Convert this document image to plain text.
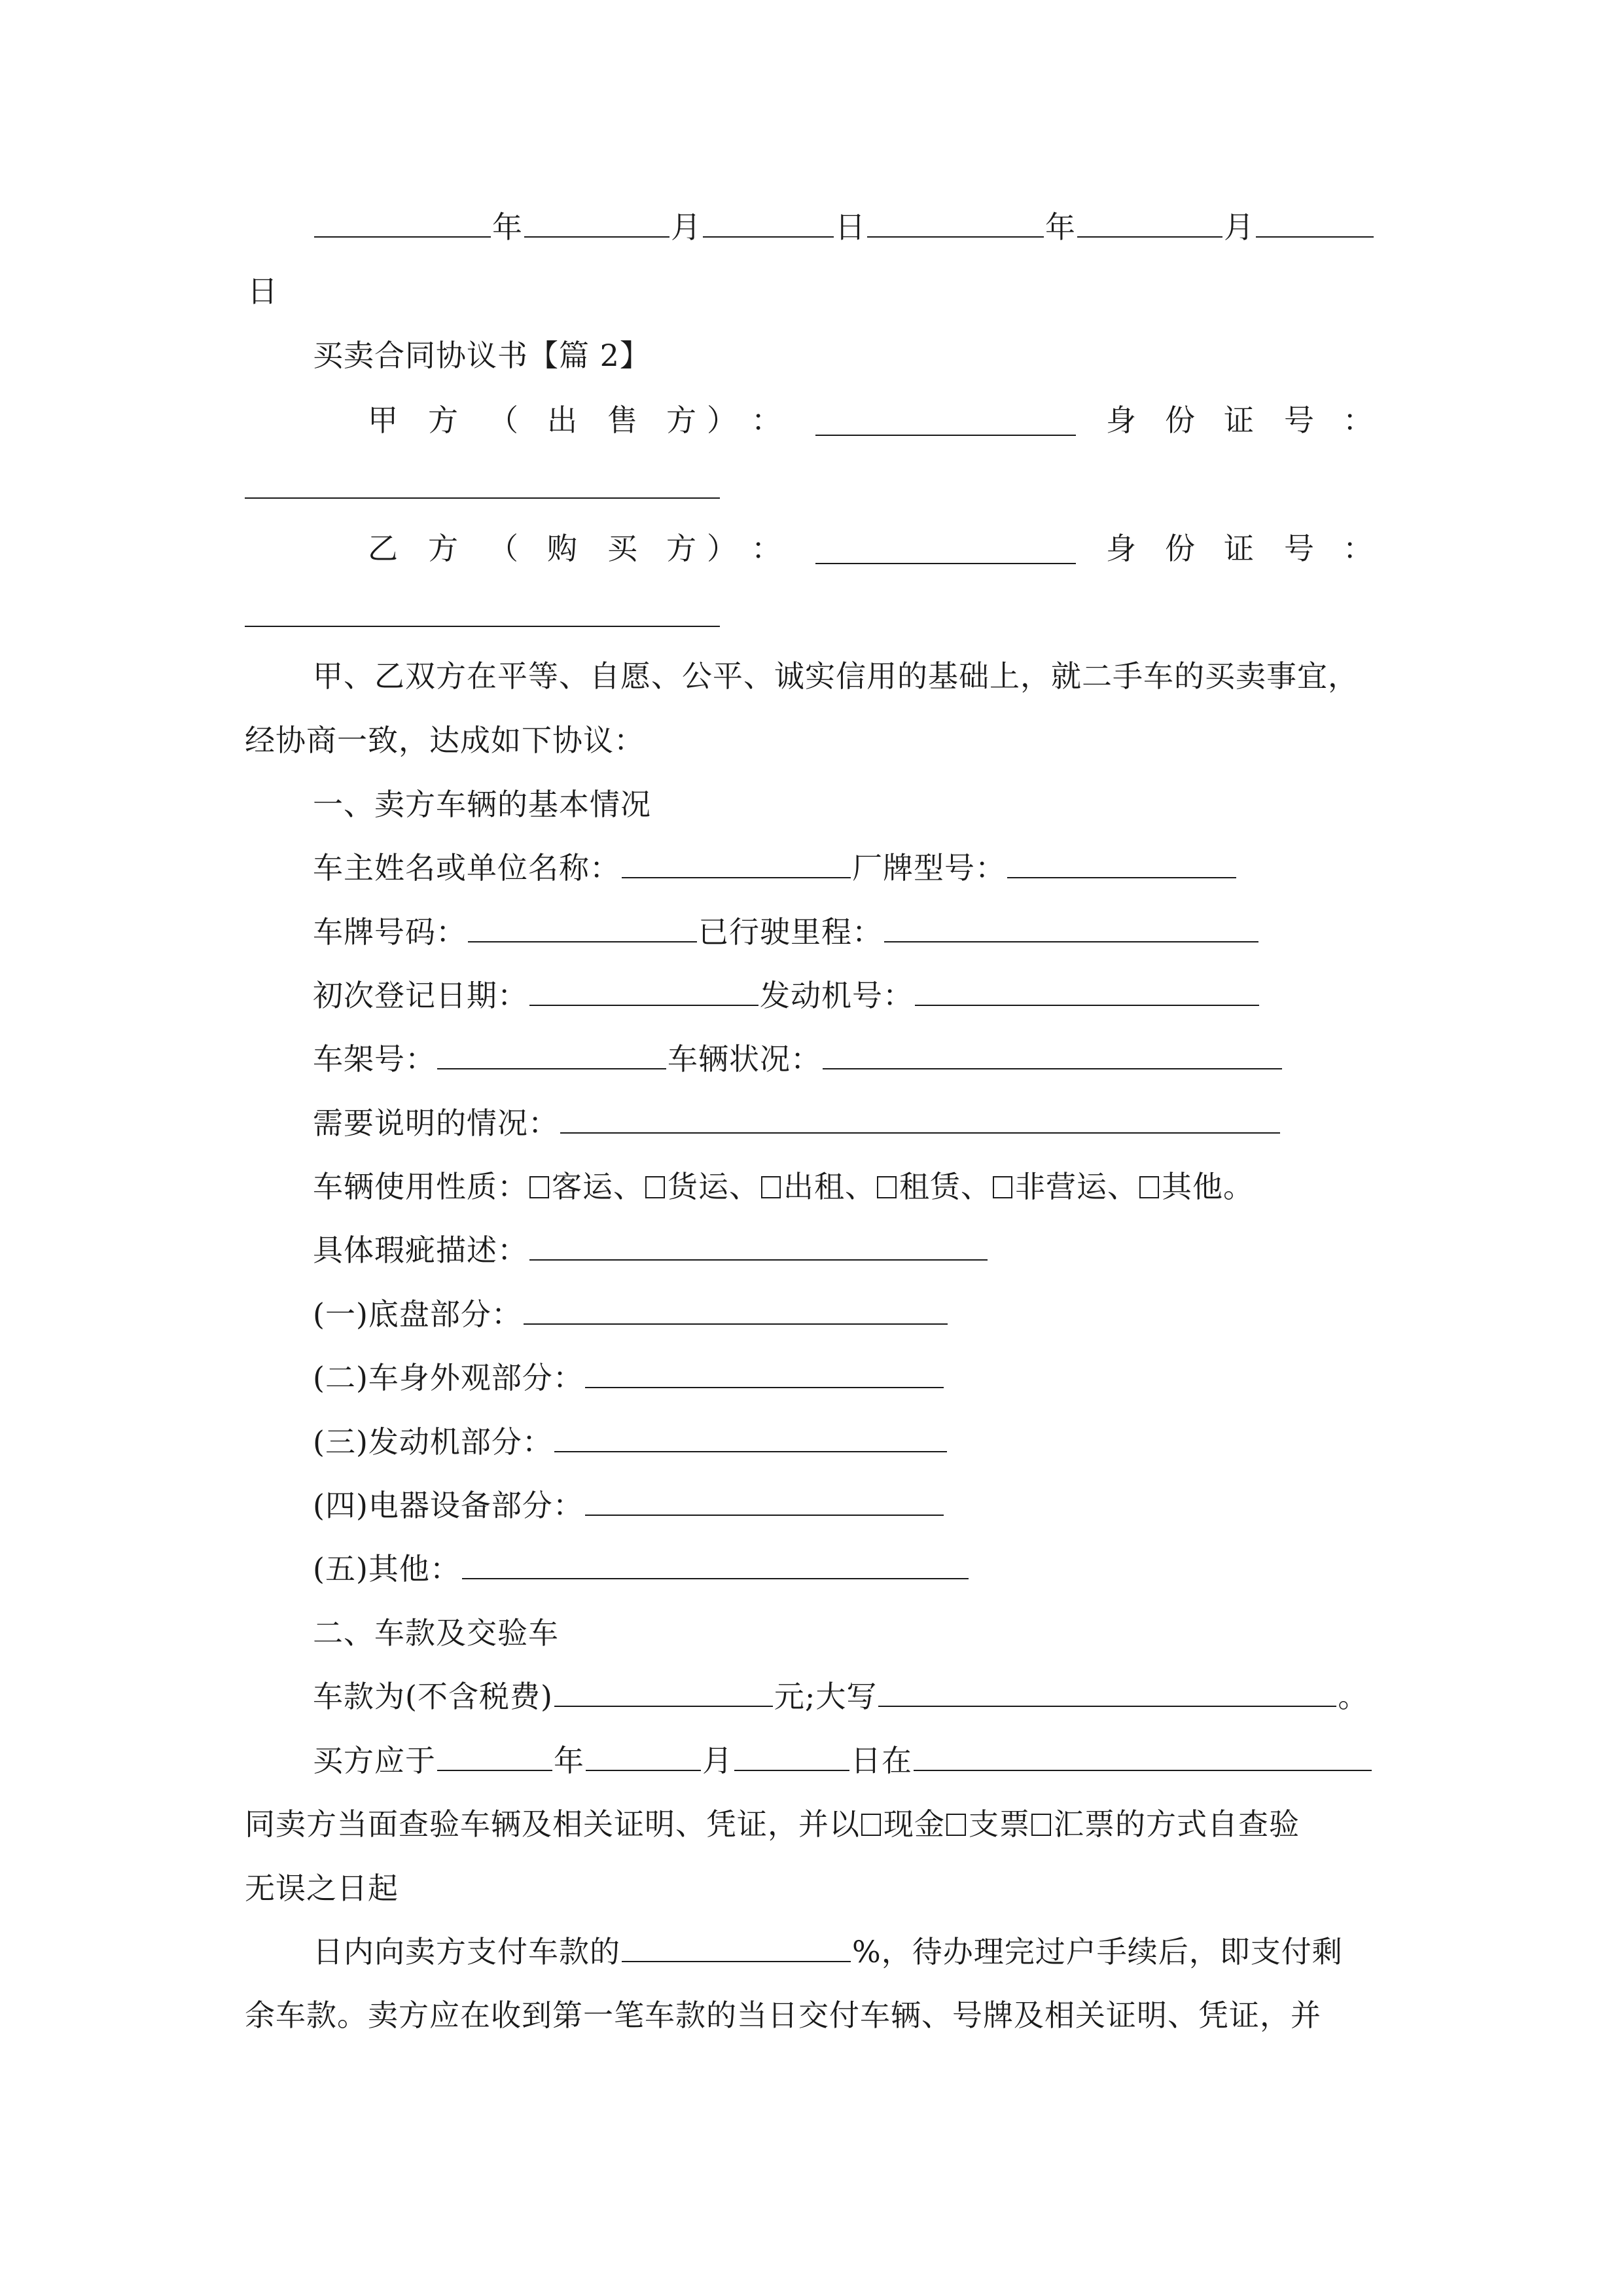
年	月	日	年	月
日
买卖合同协议书【篇 2】
甲 方 （ 出 售 方 ） ：	身 份 证 号 ：
乙 方 （ 购 买 方 ） ：	身 份 证 号 ：
甲、乙双方在平等、自愿、公平、诚实信用的基础上，就二手车的买卖事宜，
经协商一致，达成如下协议：
一、卖方车辆的基本情况
车主姓名或单位名称：	厂牌型号：
车牌号码：	已行驶里程：
初次登记日期：	发动机号：
车架号：	车辆状况：
需要说明的情况：
车辆使用性质： 客运、 货运、 出租、 租赁、 非营运、 其他。
具体瑕疵描述：
(一)底盘部分：
(二)车身外观部分：
(三)发动机部分：
(四)电器设备部分：
(五)其他：
二、车款及交验车
车款为(不含税费)	元;大写	。
买方应于	年	月	日在
同卖方当面查验车辆及相关证明、凭证，并以 现金 支票 汇票的方式自查验
无误之日起
日内向卖方支付车款的	%，待办理完过户手续后，即支付剩
余车款。卖方应在收到第一笔车款的当日交付车辆、号牌及相关证明、凭证，并
